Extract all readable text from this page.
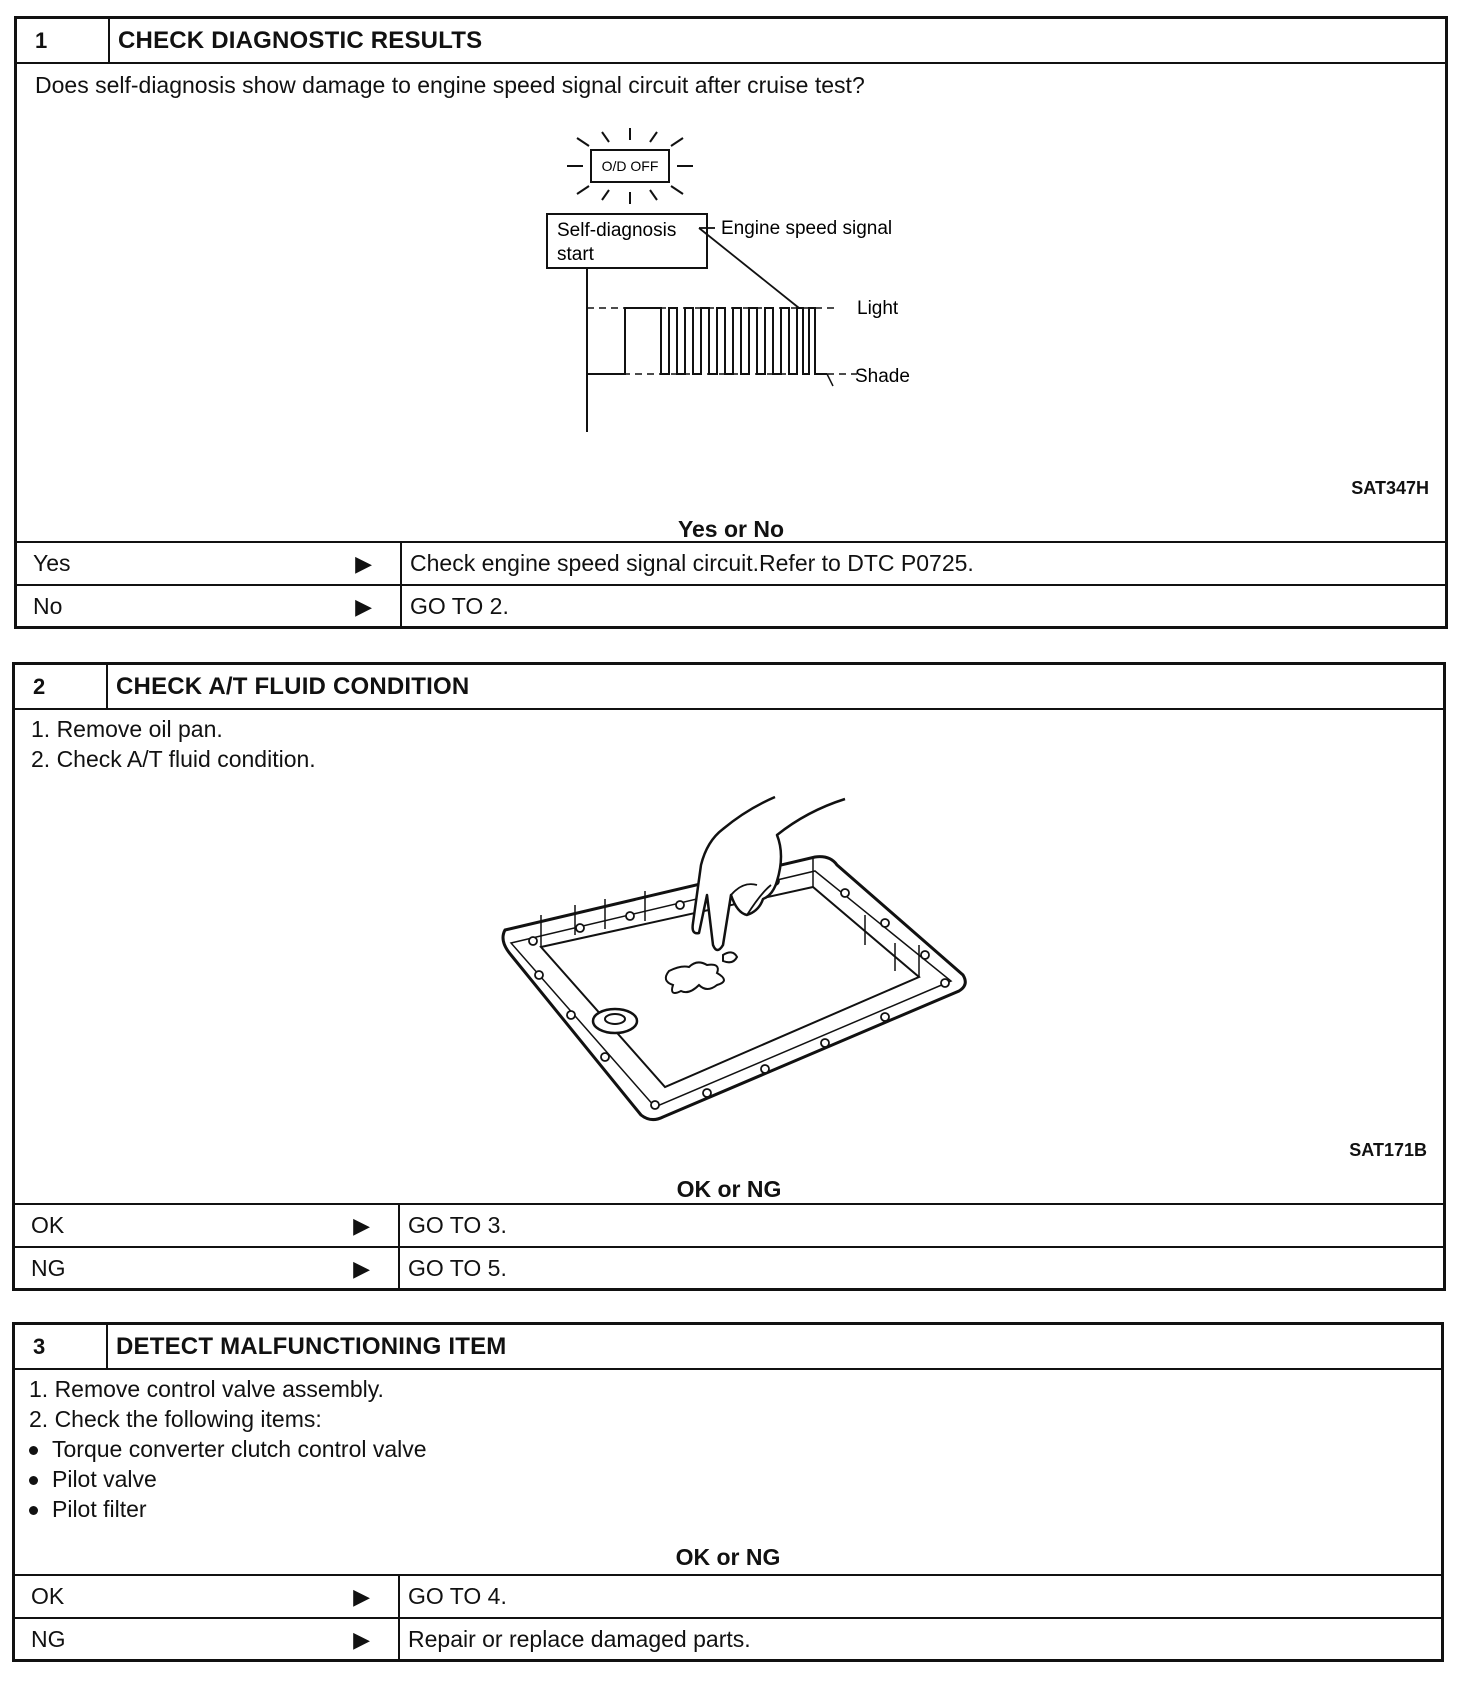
1	CHECK DIAGNOSTIC RESULTS
Does self-diagnosis show damage to engine speed signal circuit after cruise test?
O/D OFF
Self-diagnosis
start
Engine speed signal
Light
Shade
SAT347H
Yes or No
Yes	▶	Check engine speed signal circuit.Refer to DTC P0725.
No	▶	GO TO 2.
2	CHECK A/T FLUID CONDITION
1. Remove oil pan.
2. Check A/T fluid condition.
SAT171B
OK or NG
OK	▶	GO TO 3.
NG	▶	GO TO 5.
3	DETECT MALFUNCTIONING ITEM
1. Remove control valve assembly.
2. Check the following items:
Torque converter clutch control valve
Pilot valve
Pilot filter
OK or NG
OK	▶	GO TO 4.
NG	▶	Repair or replace damaged parts.
